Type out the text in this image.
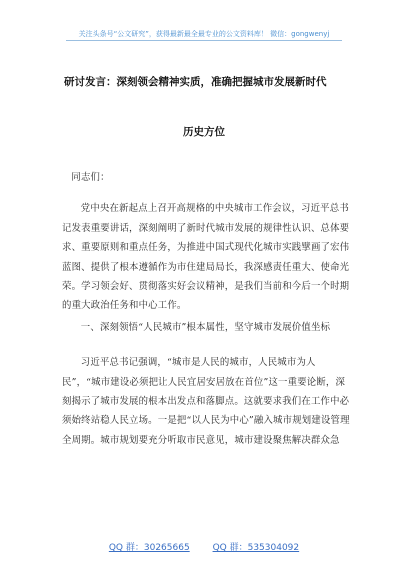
关注头条号“公文研究”，获得最新最全最专业的公文资料库！ 微信：gongwenyj
研讨发言：深刻领会精神实质，准确把握城市发展新时代
历史方位

同志们：

党中央在新起点上召开高规格的中央城市工作会议，习近平总书记发表重要讲话，深刻阐明了新时代城市发展的规律性认识、总体要求、重要原则和重点任务，为推进中国式现代化城市实践擘画了宏伟蓝图、提供了根本遵循作为市住建局局长，我深感责任重大、使命光荣。学习领会好、贯彻落实好会议精神，是我们当前和今后一个时期的重大政治任务和中心工作。

一、深刻领悟“人民城市”根本属性，坚守城市发展价值坐标

习近平总书记强调，“城市是人民的城市，人民城市为人民”，“城市建设必须把让人民宜居安居放在首位”这一重要论断，深刻揭示了城市发展的根本出发点和落脚点。这就要求我们在工作中必须始终站稳人民立场。一是把“以人民为中心”融入城市规划建设管理全周期。城市规划要充分听取市民意见，城市建设聚焦解决群众急

QQ 群：30265665	QQ 群：535304092
